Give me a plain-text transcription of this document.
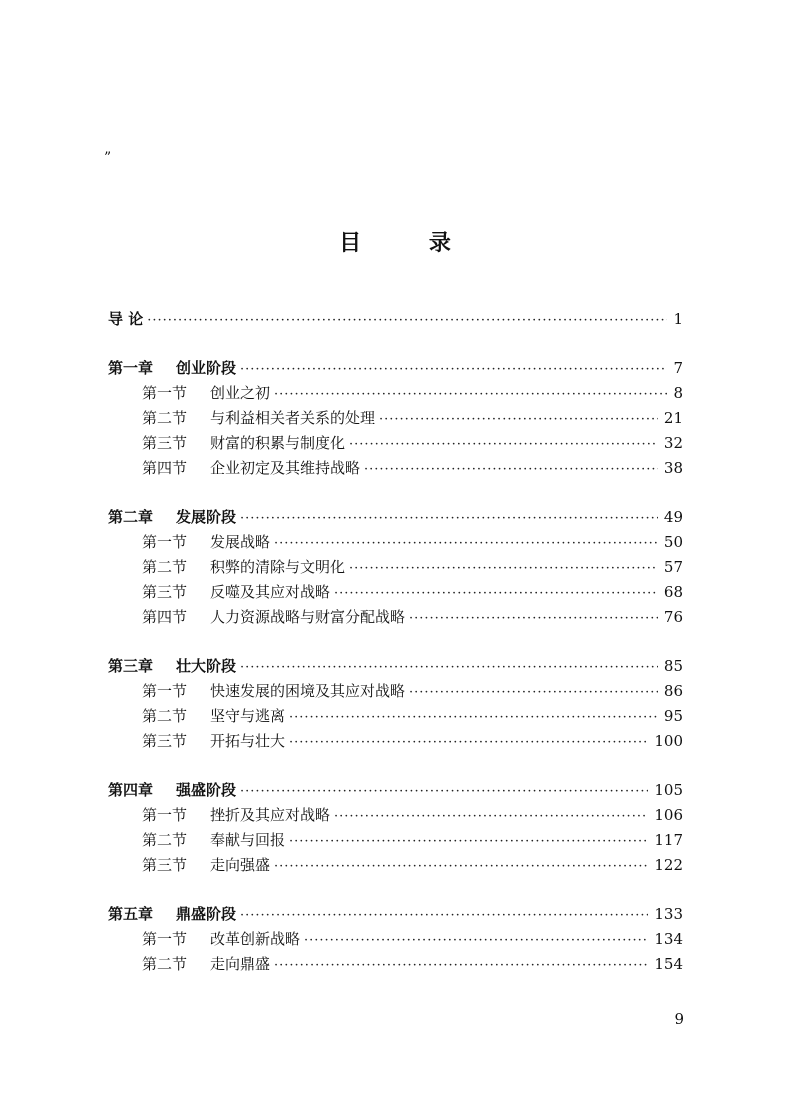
”
目 录
导 论 ·····	1
第一章	创业阶段 ·····	7
第一节	创业之初 ·····	8
第二节	与利益相关者关系的处理 ·····	21
第三节	财富的积累与制度化 ·····	32
第四节	企业初定及其维持战略 ·····	38
第二章	发展阶段 ·····	49
第一节	发展战略 ·····	50
第二节	积弊的清除与文明化 ·····	57
第三节	反噬及其应对战略 ·····	68
第四节	人力资源战略与财富分配战略 ·····	76
第三章	壮大阶段 ·····	85
第一节	快速发展的困境及其应对战略 ·····	86
第二节	坚守与逃离 ·····	95
第三节	开拓与壮大 ·····	100
第四章	强盛阶段 ·····	105
第一节	挫折及其应对战略 ·····	106
第二节	奉献与回报 ·····	117
第三节	走向强盛 ·····	122
第五章	鼎盛阶段 ·····	133
第一节	改革创新战略 ·····	134
第二节	走向鼎盛 ·····	154
9
